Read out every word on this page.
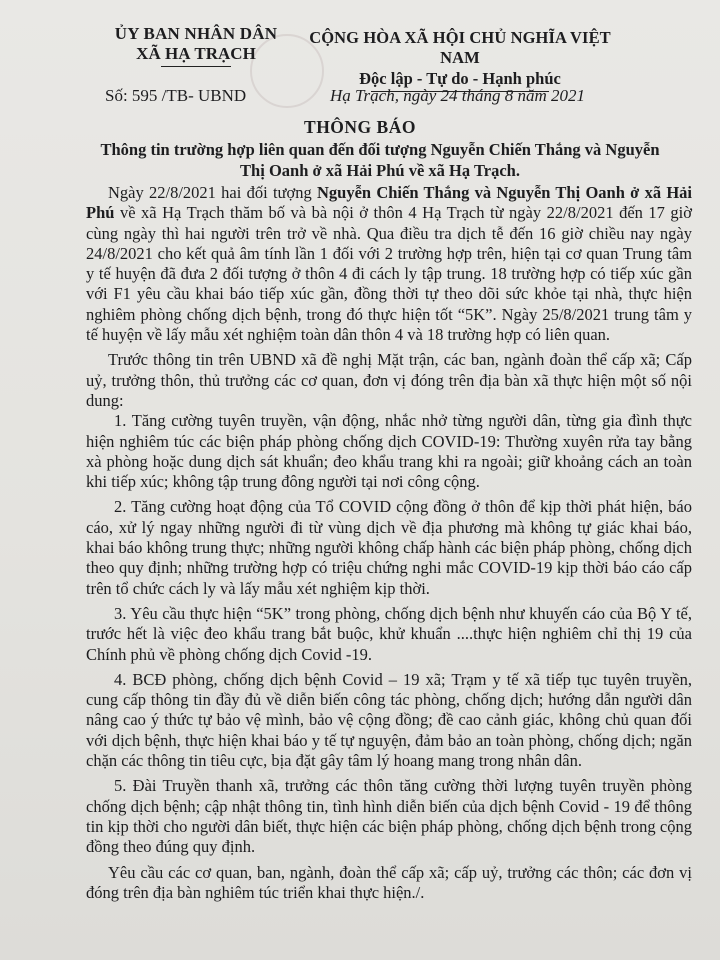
ỦY BAN NHÂN DÂN
XÃ HẠ TRẠCH
CỘNG HÒA XÃ HỘI CHỦ NGHĨA VIỆT NAM
Độc lập - Tự do - Hạnh phúc
Số: 595 /TB- UBND	Hạ Trạch, ngày 24 tháng 8 năm 2021
THÔNG BÁO
Thông tin trường hợp liên quan đến đối tượng Nguyễn Chiến Thắng và Nguyễn Thị Oanh ở xã Hải Phú về xã Hạ Trạch.

Ngày 22/8/2021 hai đối tượng Nguyễn Chiến Thắng và Nguyễn Thị Oanh ở xã Hải Phú về xã Hạ Trạch thăm bố và bà nội ở thôn 4 Hạ Trạch từ ngày 22/8/2021 đến 17 giờ cùng ngày thì hai người trên trở về nhà. Qua điều tra dịch tễ đến 16 giờ chiều nay ngày 24/8/2021 cho kết quả âm tính lần 1 đối với 2 trường hợp trên, hiện tại cơ quan Trung tâm y tế huyện đã đưa 2 đối tượng ở thôn 4 đi cách ly tập trung. 18 trường hợp có tiếp xúc gần với F1 yêu cầu khai báo tiếp xúc gần, đồng thời tự theo dõi sức khỏe tại nhà, thực hiện nghiêm phòng chống dịch bệnh, trong đó thực hiện tốt “5K”. Ngày 25/8/2021 trung tâm y tế huyện về lấy mẫu xét nghiệm toàn dân thôn 4 và 18 trường hợp có liên quan.

Trước thông tin trên UBND xã đề nghị Mặt trận, các ban, ngành đoàn thể cấp xã; Cấp uỷ, trưởng thôn, thủ trưởng các cơ quan, đơn vị đóng trên địa bàn xã thực hiện một số nội dung:

1. Tăng cường tuyên truyền, vận động, nhắc nhở từng người dân, từng gia đình thực hiện nghiêm túc các biện pháp phòng chống dịch COVID-19: Thường xuyên rửa tay bằng xà phòng hoặc dung dịch sát khuẩn; đeo khẩu trang khi ra ngoài; giữ khoảng cách an toàn khi tiếp xúc; không tập trung đông người tại nơi công cộng.

2. Tăng cường hoạt động của Tổ COVID cộng đồng ở thôn để kịp thời phát hiện, báo cáo, xử lý ngay những người đi từ vùng dịch về địa phương mà không tự giác khai báo, khai báo không trung thực; những người không chấp hành các biện pháp phòng, chống dịch theo quy định; những trường hợp có triệu chứng nghi mắc COVID-19 kịp thời báo cáo cấp trên tổ chức cách ly và lấy mẫu xét nghiệm kịp thời.

3. Yêu cầu thực hiện “5K” trong phòng, chống dịch bệnh như khuyến cáo của Bộ Y tế, trước hết là việc đeo khẩu trang bắt buộc, khử khuẩn ....thực hiện nghiêm chỉ thị 19 của Chính phủ về phòng chống dịch Covid -19.

4. BCĐ phòng, chống dịch bệnh Covid – 19 xã; Trạm y tế xã tiếp tục tuyên truyền, cung cấp thông tin đầy đủ về diễn biến công tác phòng, chống dịch; hướng dẫn người dân nâng cao ý thức tự bảo vệ mình, bảo vệ cộng đồng; đề cao cảnh giác, không chủ quan đối với dịch bệnh, thực hiện khai báo y tế tự nguyện, đảm bảo an toàn phòng, chống dịch; ngăn chặn các thông tin tiêu cực, bịa đặt gây tâm lý hoang mang trong nhân dân.

5. Đài Truyền thanh xã, trưởng các thôn tăng cường thời lượng tuyên truyền phòng chống dịch bệnh; cập nhật thông tin, tình hình diễn biến của dịch bệnh Covid - 19 để thông tin kịp thời cho người dân biết, thực hiện các biện pháp phòng, chống dịch bệnh trong cộng đồng theo đúng quy định.

Yêu cầu các cơ quan, ban, ngành, đoàn thể cấp xã; cấp uỷ, trưởng các thôn; các đơn vị đóng trên địa bàn nghiêm túc triển khai thực hiện./.
